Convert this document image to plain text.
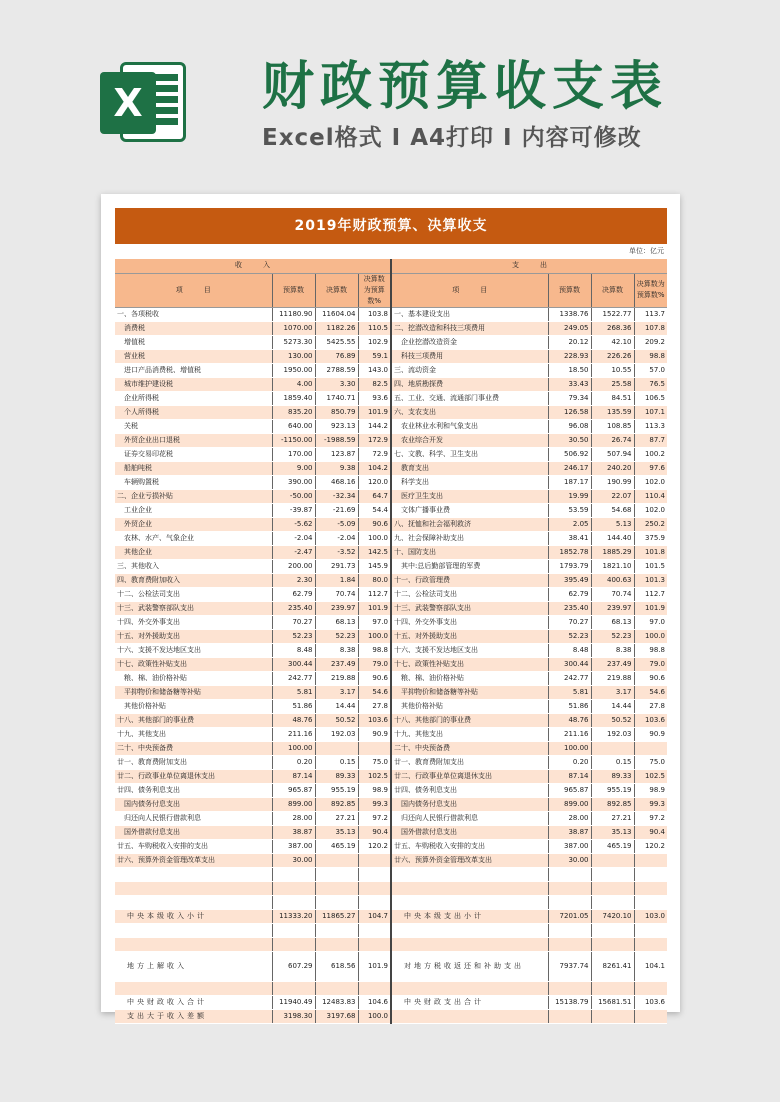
X 财政预算收支表
Excel格式 I A4打印 I 内容可修改
2019年财政预算、决算收支
单位：亿元
收　　　入				支　　　出			
项　　　目	预算数	决算数	决算数为预算数%	项　　　目	预算数	决算数	决算数为预算数%
一、各项税收	11180.90	11604.04	103.8	一、基本建设支出	1338.76	1522.77	113.7
　消费税	1070.00	1182.26	110.5	二、挖潜改造和科技三项费用	249.05	268.36	107.8
　增值税	5273.30	5425.55	102.9	　企业挖潜改造资金	20.12	42.10	209.2
　营业税	130.00	76.89	59.1	　科技三项费用	228.93	226.26	98.8
　进口产品消费税、增值税	1950.00	2788.59	143.0	三、流动资金	18.50	10.55	57.0
　城市维护建设税	4.00	3.30	82.5	四、地质勘探费	33.43	25.58	76.5
　企业所得税	1859.40	1740.71	93.6	五、工业、交通、流通部门事业费	79.34	84.51	106.5
　个人所得税	835.20	850.79	101.9	六、支农支出	126.58	135.59	107.1
　关税	640.00	923.13	144.2	　农业林业水利和气象支出	96.08	108.85	113.3
　外贸企业出口退税	-1150.00	-1988.59	172.9	　农业综合开发	30.50	26.74	87.7
　证券交易印花税	170.00	123.87	72.9	七、文教、科学、卫生支出	506.92	507.94	100.2
　船舶吨税	9.00	9.38	104.2	　教育支出	246.17	240.20	97.6
　车辆购置税	390.00	468.16	120.0	　科学支出	187.17	190.99	102.0
二、企业亏损补贴	-50.00	-32.34	64.7	　医疗卫生支出	19.99	22.07	110.4
　工业企业	-39.87	-21.69	54.4	　文体广播事业费	53.59	54.68	102.0
　外贸企业	-5.62	-5.09	90.6	八、抚恤和社会福利救济	2.05	5.13	250.2
　农林、水产、气象企业	-2.04	-2.04	100.0	九、社会保障补助支出	38.41	144.40	375.9
　其他企业	-2.47	-3.52	142.5	十、国防支出	1852.78	1885.29	101.8
三、其他收入	200.00	291.73	145.9	　其中:总后勤部管理的军费	1793.79	1821.10	101.5
四、教育费附加收入	2.30	1.84	80.0	十一、行政管理费	395.49	400.63	101.3
十二、公检法司支出	62.79	70.74	112.7	十二、公检法司支出	62.79	70.74	112.7
十三、武装警察部队支出	235.40	239.97	101.9	十三、武装警察部队支出	235.40	239.97	101.9
十四、外交外事支出	70.27	68.13	97.0	十四、外交外事支出	70.27	68.13	97.0
十五、对外援助支出	52.23	52.23	100.0	十五、对外援助支出	52.23	52.23	100.0
十六、支援不发达地区支出	8.48	8.38	98.8	十六、支援不发达地区支出	8.48	8.38	98.8
十七、政策性补贴支出	300.44	237.49	79.0	十七、政策性补贴支出	300.44	237.49	79.0
　粮、棉、油价格补贴	242.77	219.88	90.6	　粮、棉、油价格补贴	242.77	219.88	90.6
　平抑物价和储备糖等补贴	5.81	3.17	54.6	　平抑物价和储备糖等补贴	5.81	3.17	54.6
　其他价格补贴	51.86	14.44	27.8	　其他价格补贴	51.86	14.44	27.8
十八、其他部门的事业费	48.76	50.52	103.6	十八、其他部门的事业费	48.76	50.52	103.6
十九、其他支出	211.16	192.03	90.9	十九、其他支出	211.16	192.03	90.9
二十、中央预备费	100.00			二十、中央预备费	100.00		
廿一、教育费附加支出	0.20	0.15	75.0	廿一、教育费附加支出	0.20	0.15	75.0
廿二、行政事业单位离退休支出	87.14	89.33	102.5	廿二、行政事业单位离退休支出	87.14	89.33	102.5
廿四、债务利息支出	965.87	955.19	98.9	廿四、债务利息支出	965.87	955.19	98.9
　国内债务付息支出	899.00	892.85	99.3	　国内债务付息支出	899.00	892.85	99.3
　归还向人民银行借款利息	28.00	27.21	97.2	　归还向人民银行借款利息	28.00	27.21	97.2
　国外借款付息支出	38.87	35.13	90.4	　国外借款付息支出	38.87	35.13	90.4
廿五、车购税收入安排的支出	387.00	465.19	120.2	廿五、车购税收入安排的支出	387.00	465.19	120.2
廿六、预算外资金管理改革支出	30.00			廿六、预算外资金管理改革支出	30.00		

　中央本级收入小计	11333.20	11865.27	104.7	　中央本级支出小计	7201.05	7420.10	103.0

　地方上解收入	607.29	618.56	101.9	　对地方税收返还和补助支出	7937.74	8261.41	104.1

　中央财政收入合计	11940.49	12483.83	104.6	　中央财政支出合计	15138.79	15681.51	103.6
　支出大于收入差额	3198.30	3197.68	100.0				
